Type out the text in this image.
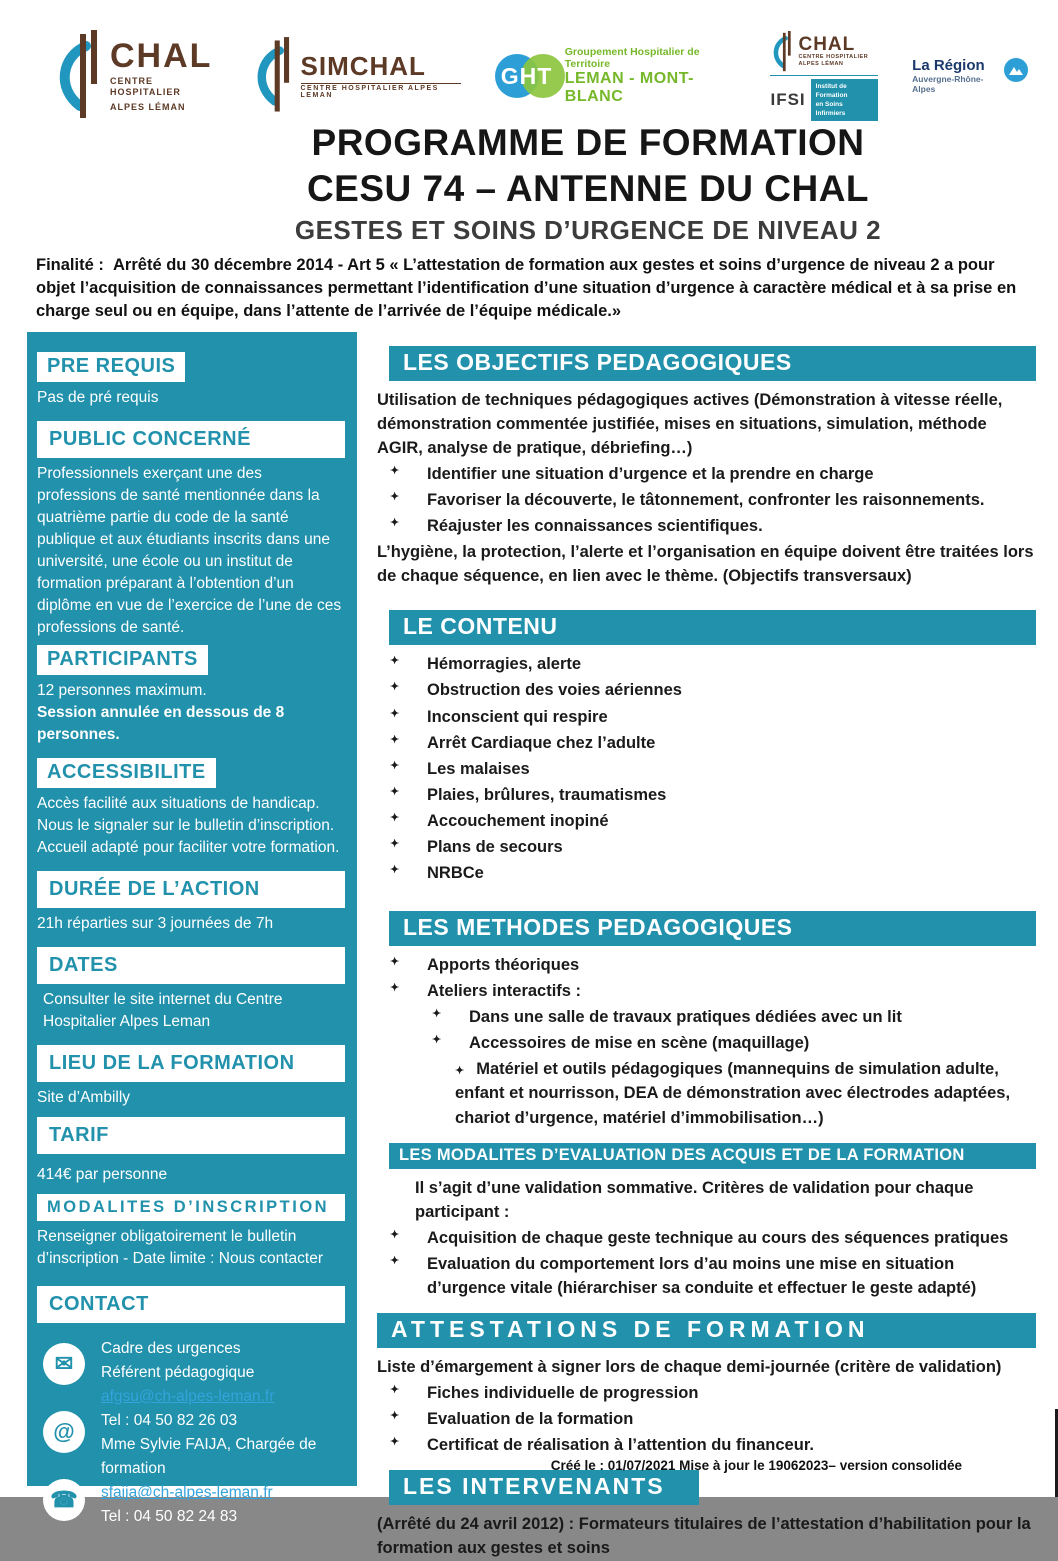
CHAL
CENTRE HOSPITALIER
ALPES LÉMAN
SIMCHAL
CENTRE HOSPITALIER ALPES LEMAN
GHT
Groupement Hospitalier de Territoire
LEMAN - MONT-BLANC
CHAL
CENTRE HOSPITALIER
ALPES LÉMAN
IFSI
Institut de Formation
en Soins Infirmiers
La Région
Auvergne-Rhône-Alpes
PROGRAMME DE FORMATION
CESU 74 – ANTENNE DU CHAL
GESTES ET SOINS D’URGENCE DE NIVEAU 2

Finalité : Arrêté du 30 décembre 2014 - Art 5 « L’attestation de formation aux gestes et soins d’urgence de niveau 2 a pour objet l’acquisition de connaissances permettant l’identification d’une situation d’urgence à caractère médical et à sa prise en charge seul ou en équipe, dans l’attente de l’arrivée de l’équipe médicale.»

PRE REQUIS

Pas de pré requis

PUBLIC CONCERNÉ

Professionnels exerçant une des professions de santé mentionnée dans la quatrième partie du code de la santé publique et aux étudiants inscrits dans une université, une école ou un institut de formation préparant à l’obtention d’un diplôme en vue de l’exercice de l’une de ces professions de santé.

PARTICIPANTS

12 personnes maximum.

Session annulée en dessous de 8 personnes.

ACCESSIBILITE

Accès facilité aux situations de handicap. Nous le signaler sur le bulletin d’inscription. Accueil adapté pour faciliter votre formation.

DURÉE DE L’ACTION

21h réparties sur 3 journées de 7h

DATES

Consulter le site internet du Centre Hospitalier Alpes Leman

LIEU DE LA FORMATION

Site d’Ambilly

TARIF

414€ par personne

MODALITES D’INSCRIPTION

Renseigner obligatoirement le bulletin d’inscription - Date limite : Nous contacter

CONTACT
✉
@
☎
Cadre des urgences
Référent pédagogique
afgsu@ch-alpes-leman.fr
Tel : 04 50 82 26 03
Mme Sylvie FAIJA, Chargée de formation
sfaija@ch-alpes-leman.fr
Tel : 04 50 82 24 83
LES OBJECTIFS PEDAGOGIQUES

Utilisation de techniques pédagogiques actives (Démonstration à vitesse réelle, démonstration commentée justifiée, mises en situations, simulation, méthode AGIR, analyse de pratique, débriefing…)

✦ Identifier une situation d’urgence et la prendre en charge
✦ Favoriser la découverte, le tâtonnement, confronter les raisonnements.
✦ Réajuster les connaissances scientifiques.

L’hygiène, la protection, l’alerte et l’organisation en équipe doivent être traitées lors de chaque séquence, en lien avec le thème. (Objectifs transversaux)

LE CONTENU
✦ Hémorragies, alerte
✦ Obstruction des voies aériennes
✦ Inconscient qui respire
✦ Arrêt Cardiaque chez l’adulte
✦ Les malaises
✦ Plaies, brûlures, traumatismes
✦ Accouchement inopiné
✦ Plans de secours
✦ NRBCe
LES METHODES PEDAGOGIQUES
✦ Apports théoriques
✦ Ateliers interactifs :
✦ Dans une salle de travaux pratiques dédiées avec un lit
✦ Accessoires de mise en scène (maquillage)
✦ Matériel et outils pédagogiques (mannequins de simulation adulte, enfant et nourrisson, DEA de démonstration avec électrodes adaptées, chariot d’urgence, matériel d’immobilisation…)
LES MODALITES D’EVALUATION DES ACQUIS ET DE LA FORMATION

Il s’agit d’une validation sommative. Critères de validation pour chaque participant :

✦ Acquisition de chaque geste technique au cours des séquences pratiques
✦ Evaluation du comportement lors d’au moins une mise en situation d’urgence vitale (hiérarchiser sa conduite et effectuer le geste adapté)
ATTESTATIONS DE FORMATION

Liste d’émargement à signer lors de chaque demi-journée (critère de validation)

✦ Fiches individuelle de progression
✦ Evaluation de la formation
✦ Certificat de réalisation à l’attention du financeur.
LES INTERVENANTS

(Arrêté du 24 avril 2012) : Formateurs titulaires de l’attestation d’habilitation pour la formation aux gestes et soins

Créé le : 01/07/2021 Mise à jour le 19062023– version consolidée
